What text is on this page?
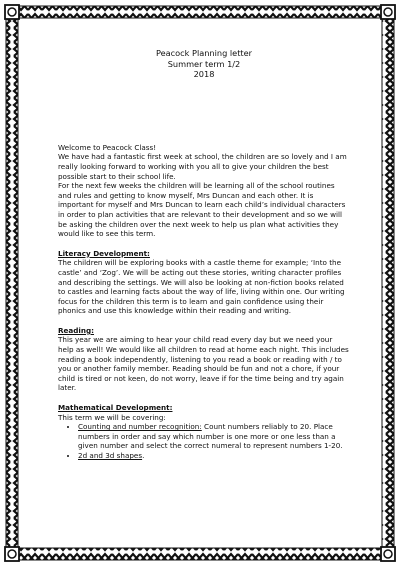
Peacock Planning letter
Summer term 1/2
2018

Welcome to Peacock Class!

We have had a fantastic first week at school, the children are so lovely and I am really looking forward to working with you all to give your children the best possible start to their school life.

For the next few weeks the children will be learning all of the school routines and rules and getting to know myself, Mrs Duncan and each other. It is important for myself and Mrs Duncan to learn each child’s individual characters in order to plan activities that are relevant to their development and so we will be asking the children over the next week to help us plan what activities they would like to see this term.

Literacy Development:

The children will be exploring books with a castle theme for example; ‘Into the castle’ and ‘Zog’. We will be acting out these stories, writing character profiles and describing the settings. We will also be looking at non-fiction books related to castles and learning facts about the way of life, living within one. Our writing focus for the children this term is to learn and gain confidence using their phonics and use this knowledge within their reading and writing.

Reading:

This year we are aiming to hear your child read every day but we need your help as well! We would like all children to read at home each night. This includes reading a book independently, listening to you read a book or reading with / to you or another family member. Reading should be fun and not a chore, if your child is tired or not keen, do not worry, leave if for the time being and try again later.

Mathematical Development:

This term we will be covering:

• Counting and number recognition: Count numbers reliably to 20. Place numbers in order and say which number is one more or one less than a given number and select the correct numeral to represent numbers 1-20.
• 2d and 3d shapes.
